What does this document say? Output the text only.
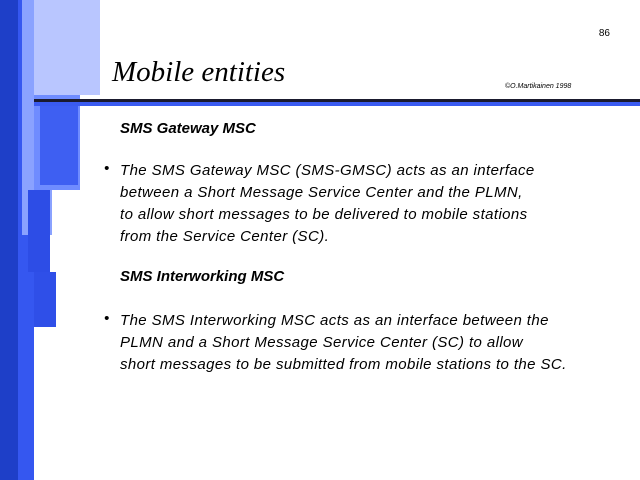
86
Mobile entities	©O.Martikainen 1998
SMS Gateway MSC
• The SMS Gateway MSC (SMS-GMSC) acts as an interface
between a Short Message Service Center and the PLMN,
to allow short messages to be delivered to mobile stations
from the Service Center (SC).
SMS Interworking MSC
• The SMS Interworking MSC acts as an interface between the
PLMN and a Short Message Service Center (SC) to allow
short messages to be submitted from mobile stations to the SC.
